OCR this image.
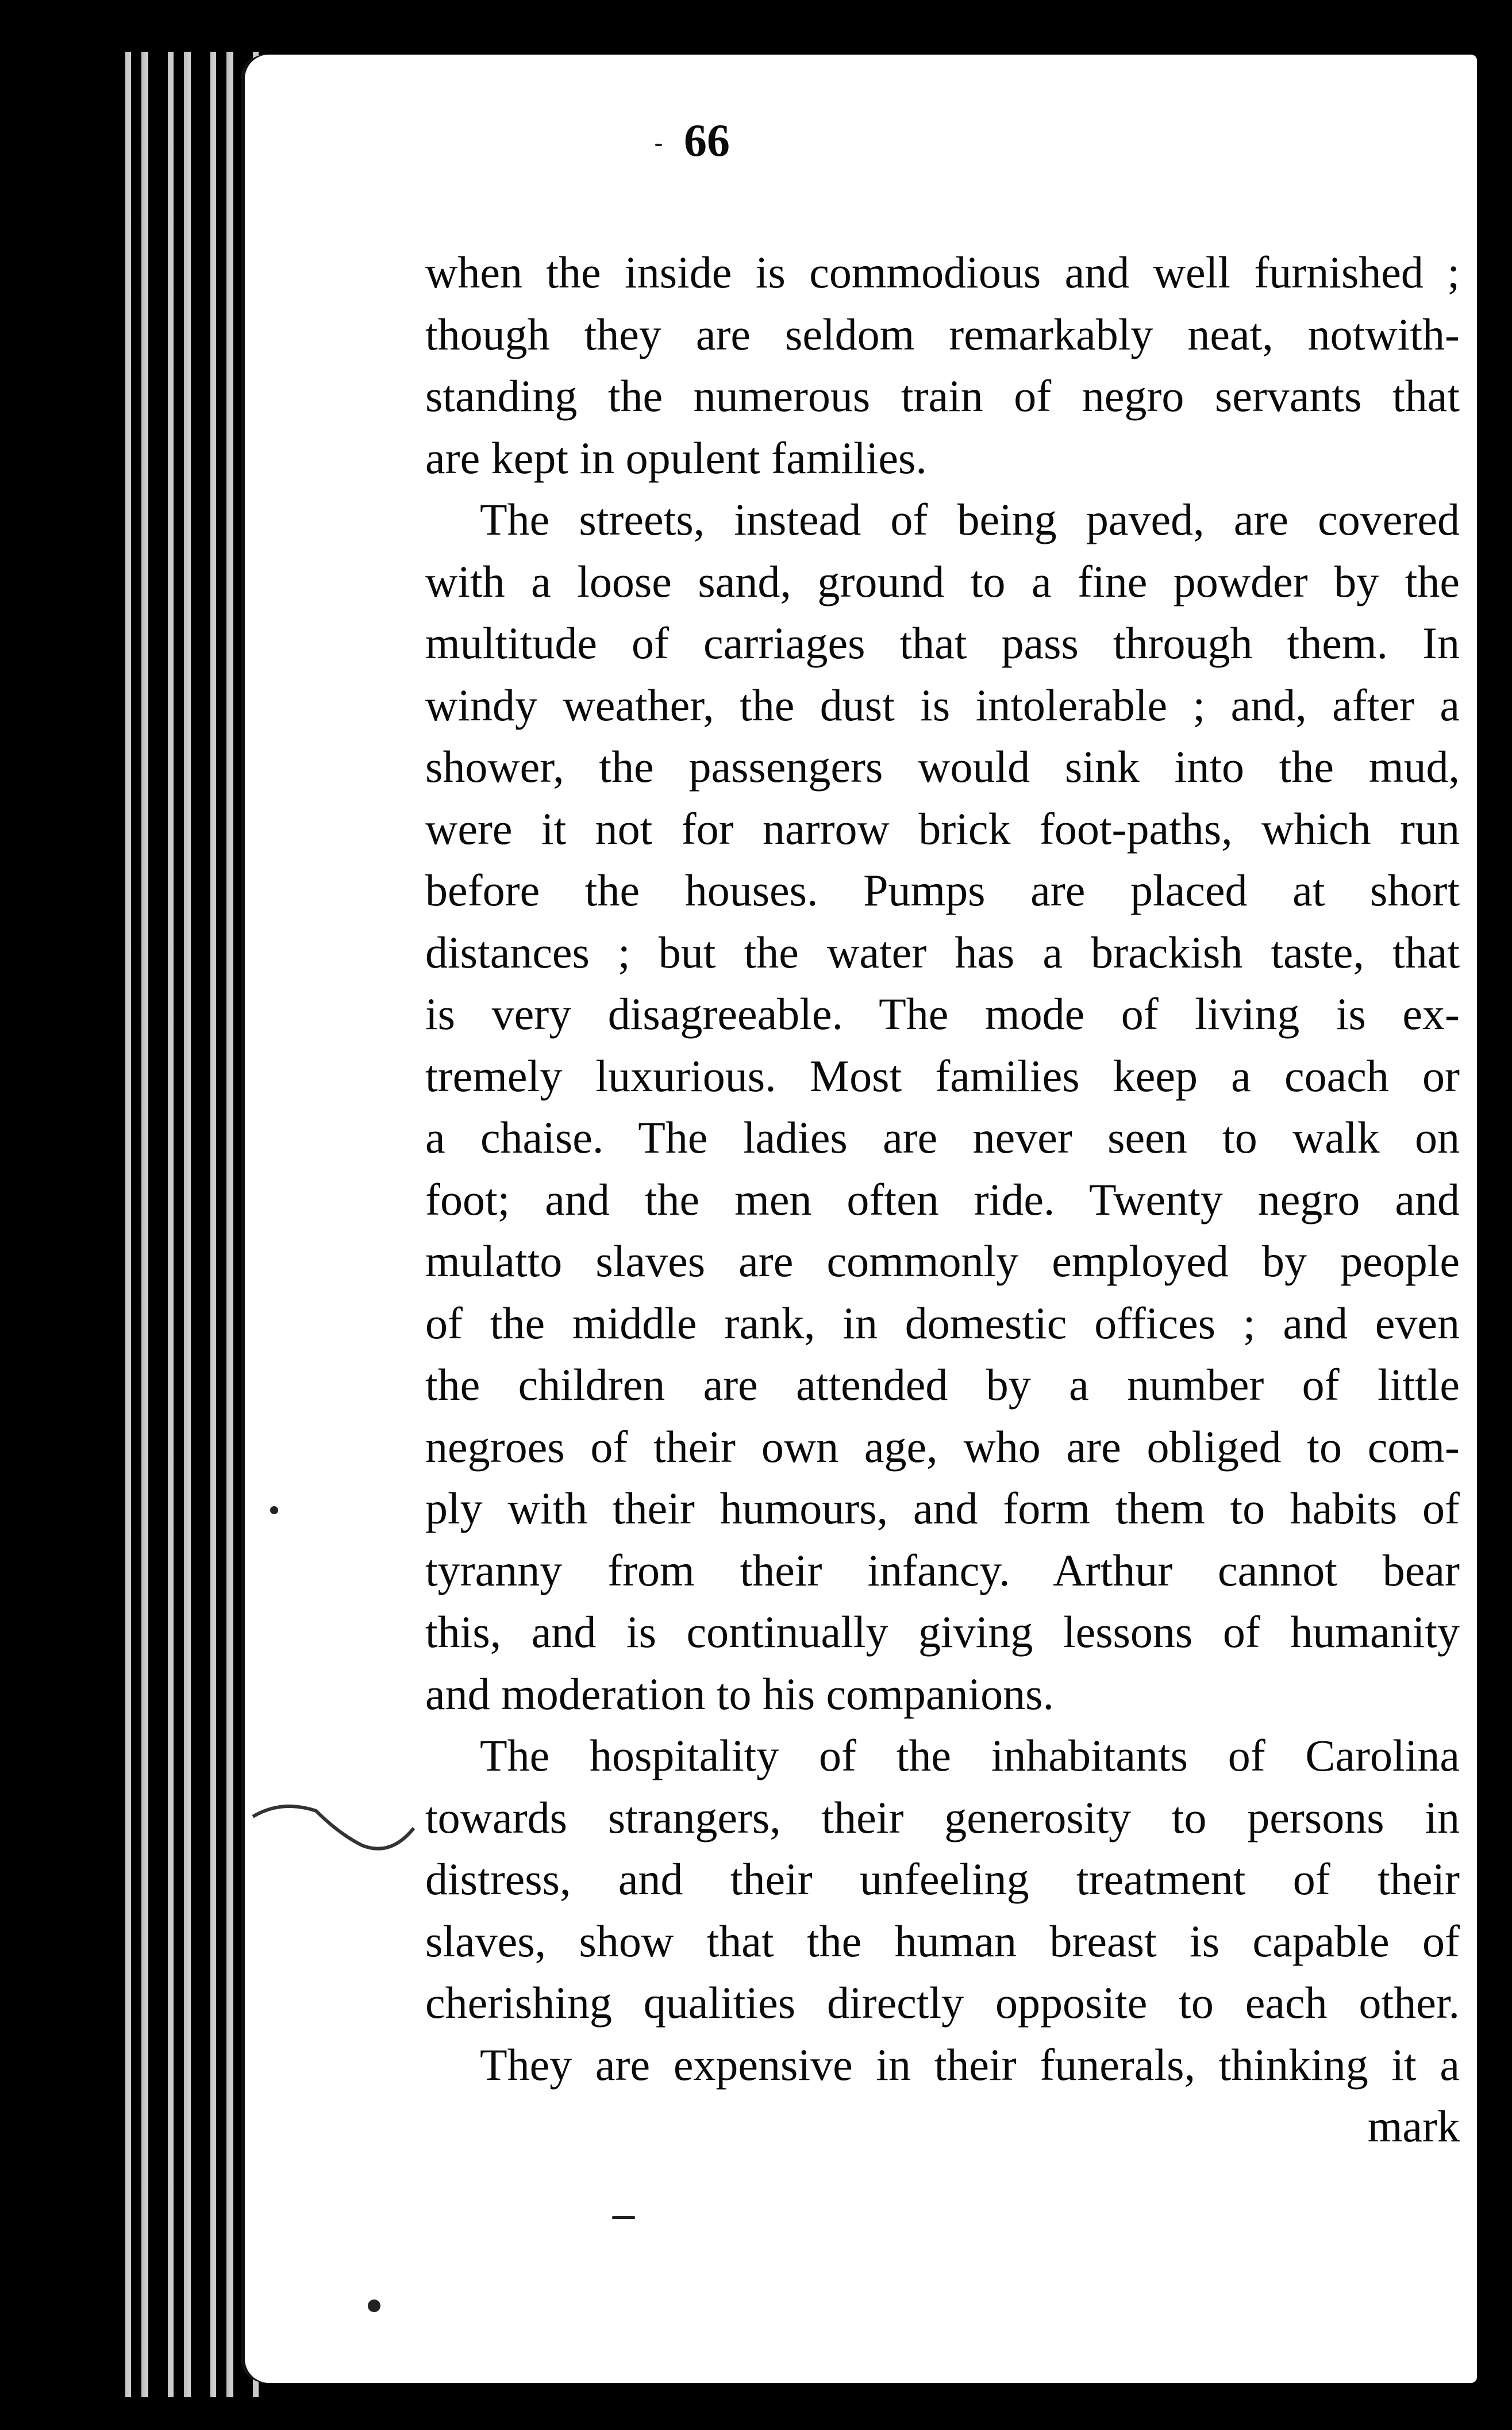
66
when the inside is commodious and well furnished ;
though they are seldom remarkably neat, notwith-
standing the numerous train of negro servants that
are kept in opulent families.
The streets, instead of being paved, are covered
with a loose sand, ground to a fine powder by the
multitude of carriages that pass through them. In
windy weather, the dust is intolerable ; and, after a
shower, the passengers would sink into the mud,
were it not for narrow brick foot-paths, which run
before the houses. Pumps are placed at short
distances ; but the water has a brackish taste, that
is very disagreeable. The mode of living is ex-
tremely luxurious. Most families keep a coach or
a chaise. The ladies are never seen to walk on
foot; and the men often ride. Twenty negro and
mulatto slaves are commonly employed by people
of the middle rank, in domestic offices ; and even
the children are attended by a number of little
negroes of their own age, who are obliged to com-
ply with their humours, and form them to habits of
tyranny from their infancy. Arthur cannot bear
this, and is continually giving lessons of humanity
and moderation to his companions.
The hospitality of the inhabitants of Carolina
towards strangers, their generosity to persons in
distress, and their unfeeling treatment of their
slaves, show that the human breast is capable of
cherishing qualities directly opposite to each other.
They are expensive in their funerals, thinking it a
mark
